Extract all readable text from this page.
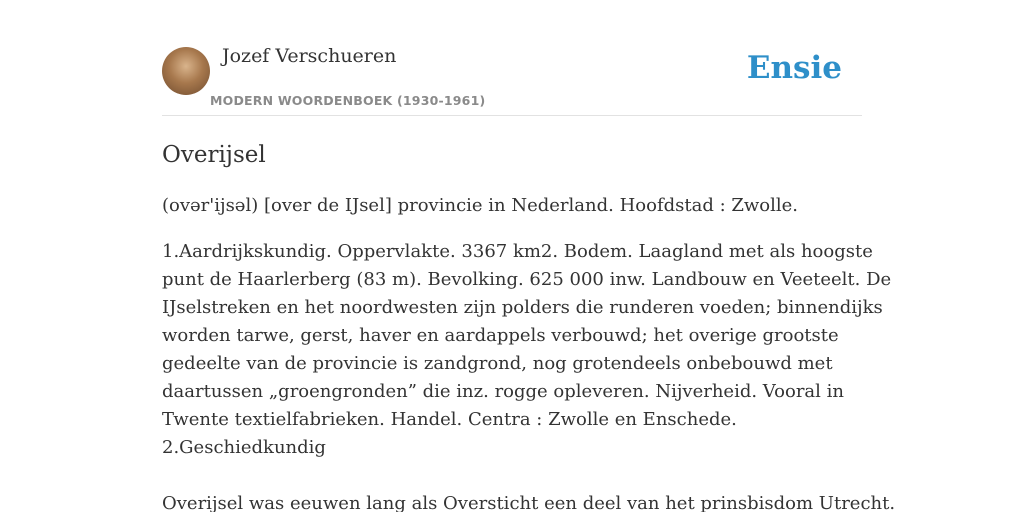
Jozef Verschueren
MODERN WOORDENBOEK (1930-1961)
Ensie
Overijsel

(ovər'ijsəl) [over de IJsel] provincie in Nederland. Hoofdstad : Zwolle.

1.Aardrijkskundig. Oppervlakte. 3367 km2. Bodem. Laagland met als hoogste
punt de Haarlerberg (83 m). Bevolking. 625 000 inw. Landbouw en Veeteelt. De
IJselstreken en het noordwesten zijn polders die runderen voeden; binnendijks
worden tarwe, gerst, haver en aardappels verbouwd; het overige grootste
gedeelte van de provincie is zandgrond, nog grotendeels onbebouwd met
daartussen „groengronden” die inz. rogge opleveren. Nijverheid. Vooral in
Twente textielfabrieken. Handel. Centra : Zwolle en Enschede.
2.Geschiedkundig
Overijsel was eeuwen lang als Oversticht een deel van het prinsbisdom Utrecht.
